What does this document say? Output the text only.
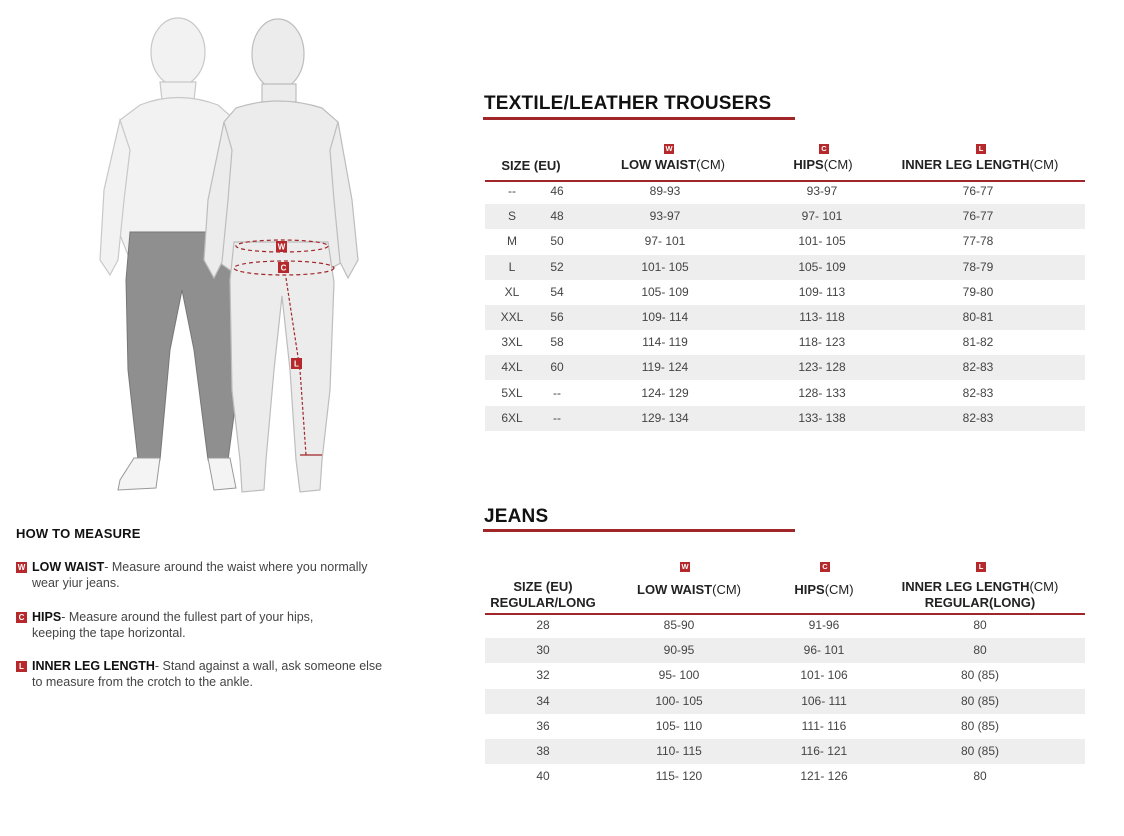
W
C
L
HOW TO MEASURE
W LOW WAIST- Measure around the waist where you normally
wear yiur jeans.
C HIPS- Measure around the fullest part of your hips,
keeping the tape horizontal.
L INNER LEG LENGTH- Stand against a wall, ask someone else
to measure from the crotch to the ankle.
TEXTILE/LEATHER TROUSERS
W	C	L
SIZE (EU)	LOW WAIST(CM)	HIPS(CM)	INNER LEG LENGTH(CM)
--	46	89-93	93-97	76-77
S	48	93-97	97- 101	76-77
M	50	97- 101	101- 105	77-78
L	52	101- 105	105- 109	78-79
XL	54	105- 109	109- 113	79-80
XXL	56	109- 114	113- 118	80-81
3XL	58	114- 119	118- 123	81-82
4XL	60	119- 124	123- 128	82-83
5XL	--	124- 129	128- 133	82-83
6XL	--	129- 134	133- 138	82-83
JEANS
W	C	L
SIZE (EU)
REGULAR/LONG
LOW WAIST(CM)	HIPS(CM)	INNER LEG LENGTH(CM)
REGULAR(LONG)
28	85-90	91-96	80
30	90-95	96- 101	80
32	95- 100	101- 106	80 (85)
34	100- 105	106- 111	80 (85)
36	105- 110	111- 116	80 (85)
38	110- 115	116- 121	80 (85)
40	115- 120	121- 126	80
